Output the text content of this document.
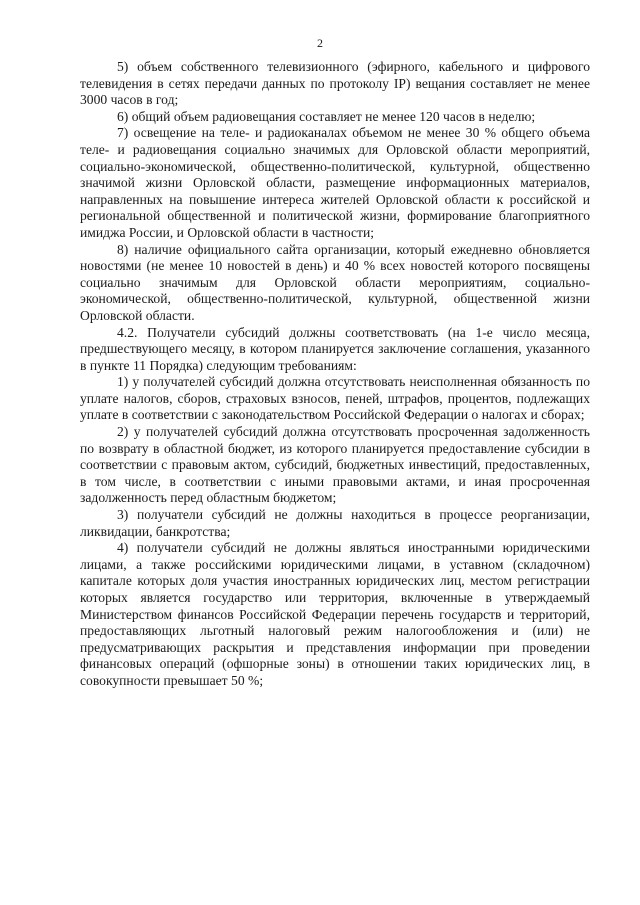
2

5) объем собственного телевизионного (эфирного, кабельного и цифрового телевидения в сетях передачи данных по протоколу IP) вещания составляет не менее 3000 часов в год;

6) общий объем радиовещания составляет не менее 120 часов в неделю;

7) освещение на теле- и радиоканалах объемом не менее 30 % общего объема теле- и радиовещания социально значимых для Орловской области мероприятий, социально-экономической, общественно-политической, культурной, общественно значимой жизни Орловской области, размещение информационных материалов, направленных на повышение интереса жителей Орловской области к российской и региональной общественной и политической жизни, формирование благоприятного имиджа России, и Орловской области в частности;

8) наличие официального сайта организации, который ежедневно обновляется новостями (не менее 10 новостей в день) и 40 % всех новостей которого посвящены социально значимым для Орловской области мероприятиям, социально-экономической, общественно-политической, культурной, общественной жизни Орловской области.

4.2. Получатели субсидий должны соответствовать (на 1-е число месяца, предшествующего месяцу, в котором планируется заключение соглашения, указанного в пункте 11 Порядка) следующим требованиям:

1) у получателей субсидий должна отсутствовать неисполненная обязанность по уплате налогов, сборов, страховых взносов, пеней, штрафов, процентов, подлежащих уплате в соответствии с законодательством Российской Федерации о налогах и сборах;

2) у получателей субсидий должна отсутствовать просроченная задолженность по возврату в областной бюджет, из которого планируется предоставление субсидии в соответствии с правовым актом, субсидий, бюджетных инвестиций, предоставленных, в том числе, в соответствии с иными правовыми актами, и иная просроченная задолженность перед областным бюджетом;

3) получатели субсидий не должны находиться в процессе реорганизации, ликвидации, банкротства;

4) получатели субсидий не должны являться иностранными юридическими лицами, а также российскими юридическими лицами, в уставном (складочном) капитале которых доля участия иностранных юридических лиц, местом регистрации которых является государство или территория, включенные в утверждаемый Министерством финансов Российской Федерации перечень государств и территорий, предоставляющих льготный налоговый режим налогообложения и (или) не предусматривающих раскрытия и представления информации при проведении финансовых операций (офшорные зоны) в отношении таких юридических лиц, в совокупности превышает 50 %;
